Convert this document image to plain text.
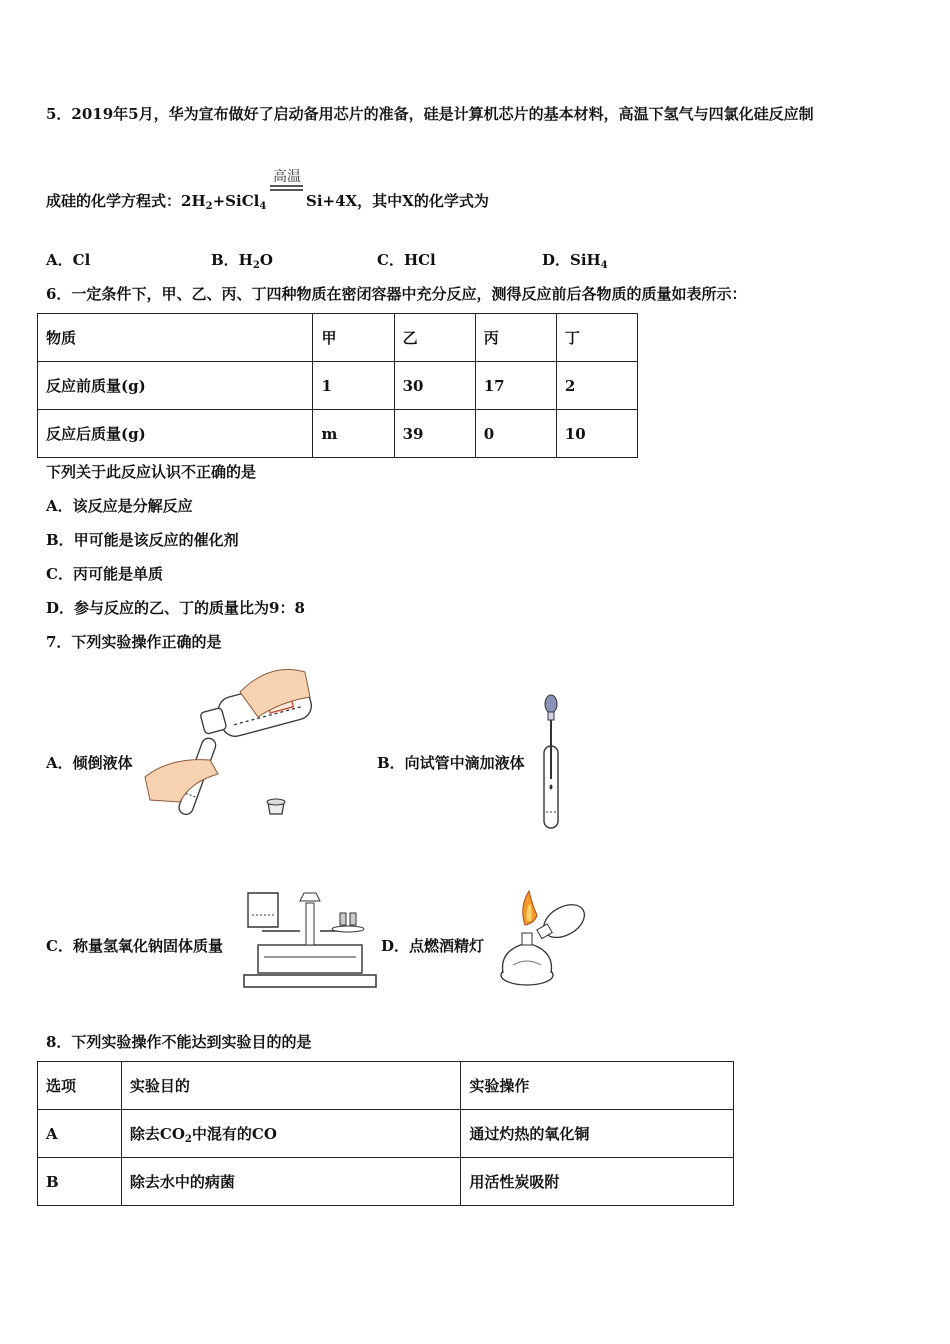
5．2019年5月，华为宣布做好了启动备用芯片的准备，硅是计算机芯片的基本材料，高温下氢气与四氯化硅反应制
高温
成硅的化学方程式：$2H_2+SiCl_4$	Si+4X，其中X的化学式为
A．Cl	B．$H_2O$	C．HCl	D．SiH$_4$
6．一定条件下，甲、乙、丙、丁四种物质在密闭容器中充分反应，测得反应前后各物质的质量如表所示：
物质	甲	乙	丙	丁
反应前质量(g)	1	30	17	2
反应后质量(g)	m	39	0	10
下列关于此反应认识不正确的是
A．该反应是分解反应
B．甲可能是该反应的催化剂
C．丙可能是单质
D．参与反应的乙、丁的质量比为9：8
7．下列实验操作正确的是
A．倾倒液体	B．向试管中滴加液体
C．称量氢氧化钠固体质量	D．点燃酒精灯
8．下列实验操作不能达到实验目的的是
选项	实验目的	实验操作
A	除去$CO_2$中混有的CO	通过灼热的氧化铜
B	除去水中的病菌	用活性炭吸附
